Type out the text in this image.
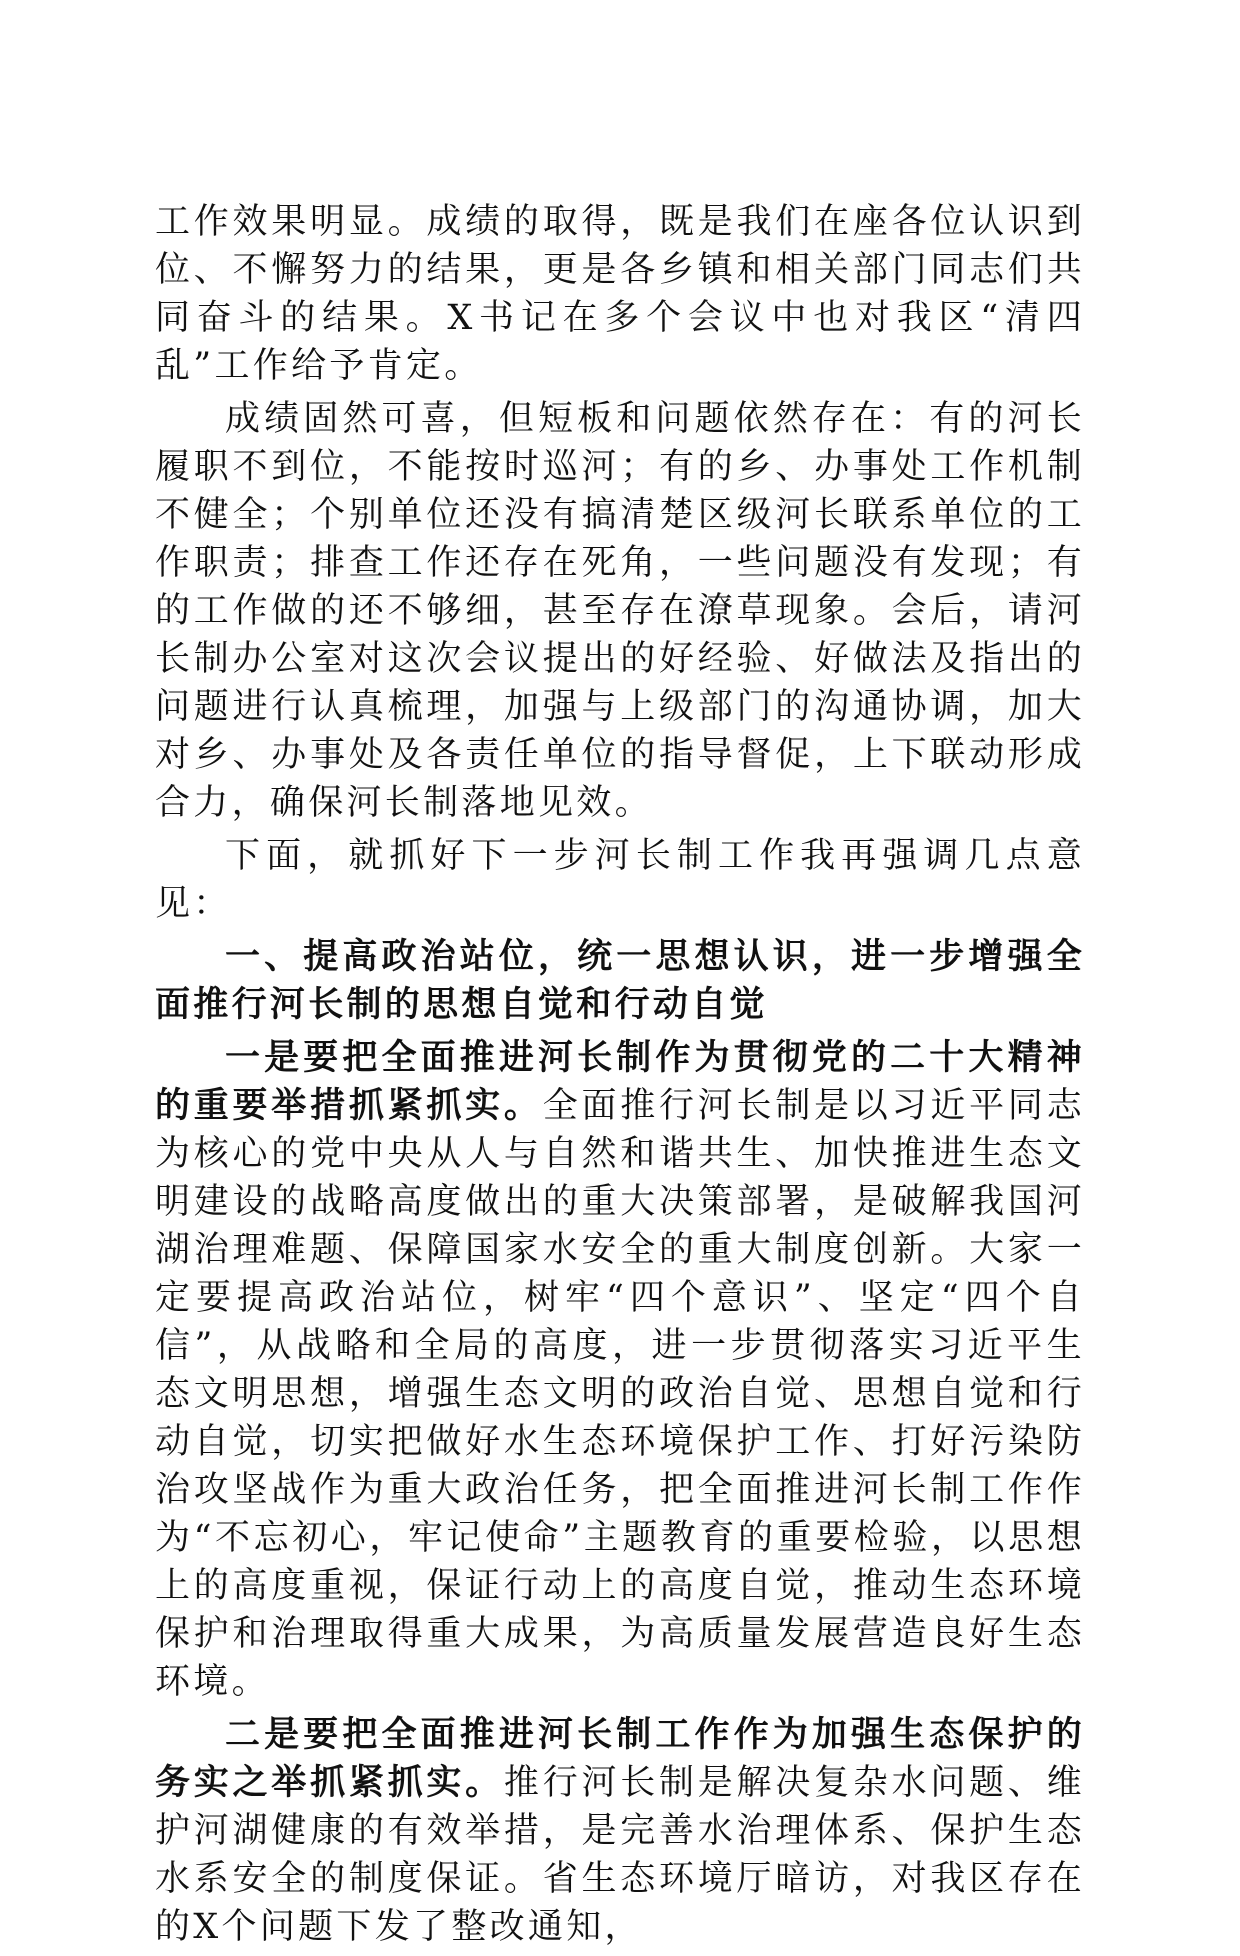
工作效果明显。成绩的取得，既是我们在座各位认识到位、不懈努力的结果，更是各乡镇和相关部门同志们共同奋斗的结果。X书记在多个会议中也对我区“清四乱”工作给予肯定。

成绩固然可喜，但短板和问题依然存在：有的河长履职不到位，不能按时巡河；有的乡、办事处工作机制不健全；个别单位还没有搞清楚区级河长联系单位的工作职责；排查工作还存在死角，一些问题没有发现；有的工作做的还不够细，甚至存在潦草现象。会后，请河长制办公室对这次会议提出的好经验、好做法及指出的问题进行认真梳理，加强与上级部门的沟通协调，加大对乡、办事处及各责任单位的指导督促，上下联动形成合力，确保河长制落地见效。

下面，就抓好下一步河长制工作我再强调几点意见：

一、提高政治站位，统一思想认识，进一步增强全面推行河长制的思想自觉和行动自觉

一是要把全面推进河长制作为贯彻党的二十大精神的重要举措抓紧抓实。全面推行河长制是以习近平同志为核心的党中央从人与自然和谐共生、加快推进生态文明建设的战略高度做出的重大决策部署，是破解我国河湖治理难题、保障国家水安全的重大制度创新。大家一定要提高政治站位，树牢“四个意识”、坚定“四个自信”，从战略和全局的高度，进一步贯彻落实习近平生态文明思想，增强生态文明的政治自觉、思想自觉和行动自觉，切实把做好水生态环境保护工作、打好污染防治攻坚战作为重大政治任务，把全面推进河长制工作作为“不忘初心，牢记使命”主题教育的重要检验，以思想上的高度重视，保证行动上的高度自觉，推动生态环境保护和治理取得重大成果，为高质量发展营造良好生态环境。

二是要把全面推进河长制工作作为加强生态保护的务实之举抓紧抓实。推行河长制是解决复杂水问题、维护河湖健康的有效举措，是完善水治理体系、保护生态水系安全的制度保证。省生态环境厅暗访，对我区存在的X个问题下发了整改通知，
